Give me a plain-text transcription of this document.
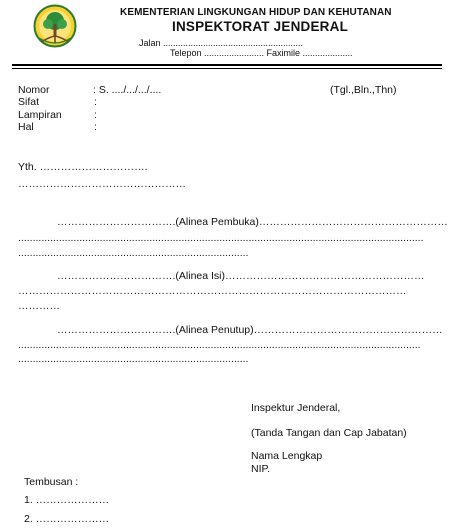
KEMENTERIAN LINGKUNGAN HIDUP DAN KEHUTANAN
INSPEKTORAT JENDERAL
Jalan ........................................................
Telepon ........................ Faximile ....................
Nomor	: S. ..../.../.../....	(Tgl.,Bln.,Thn)
Sifat	:
Lampiran	:
Hal	:
Yth. ………………………….
…………………………………………
…………………………….(Alinea Pembuka)………………………………………………
...........................................................................................................................................
...............................................................................
…………………………….(Alinea Isi)…………………………………………………
…………………………………………………………………………………………………
…………
…………………………….(Alinea Penutup)………………………………………………
..........................................................................................................................................
...............................................................................
Inspektur Jenderal,
(Tanda Tangan dan Cap Jabatan)
Nama Lengkap
NIP.
Tembusan :
1. …………………
2. …………………
